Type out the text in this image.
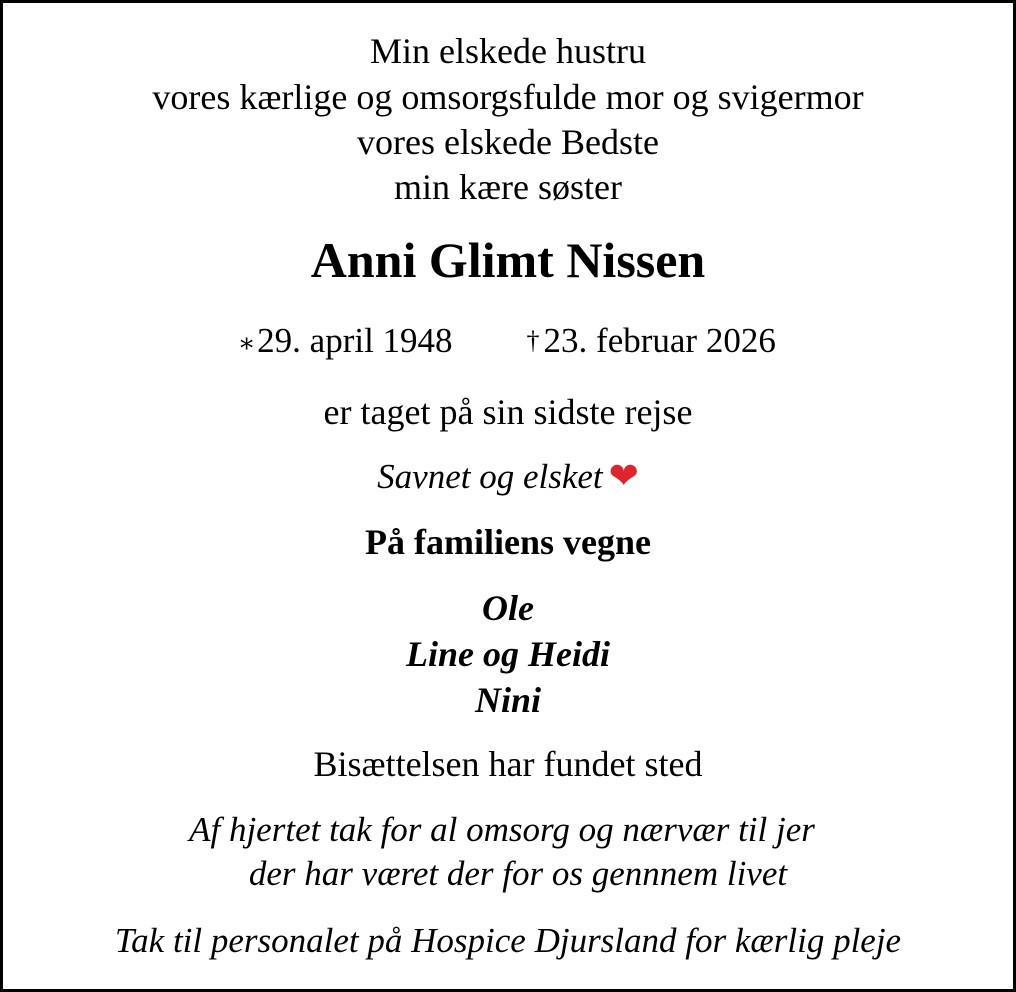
Min elskede hustru
vores kærlige og omsorgsfulde mor og svigermor
vores elskede Bedste
min kære søster
Anni Glimt Nissen
⁎ 29. april 1948	† 23. februar 2026
er taget på sin sidste rejse
Savnet og elsket ❤
På familiens vegne
Ole
Line og Heidi
Nini
Bisættelsen har fundet sted
Af hjertet tak for al omsorg og nærvær til jer
der har været der for os gennnem livet
Tak til personalet på Hospice Djursland for kærlig pleje
